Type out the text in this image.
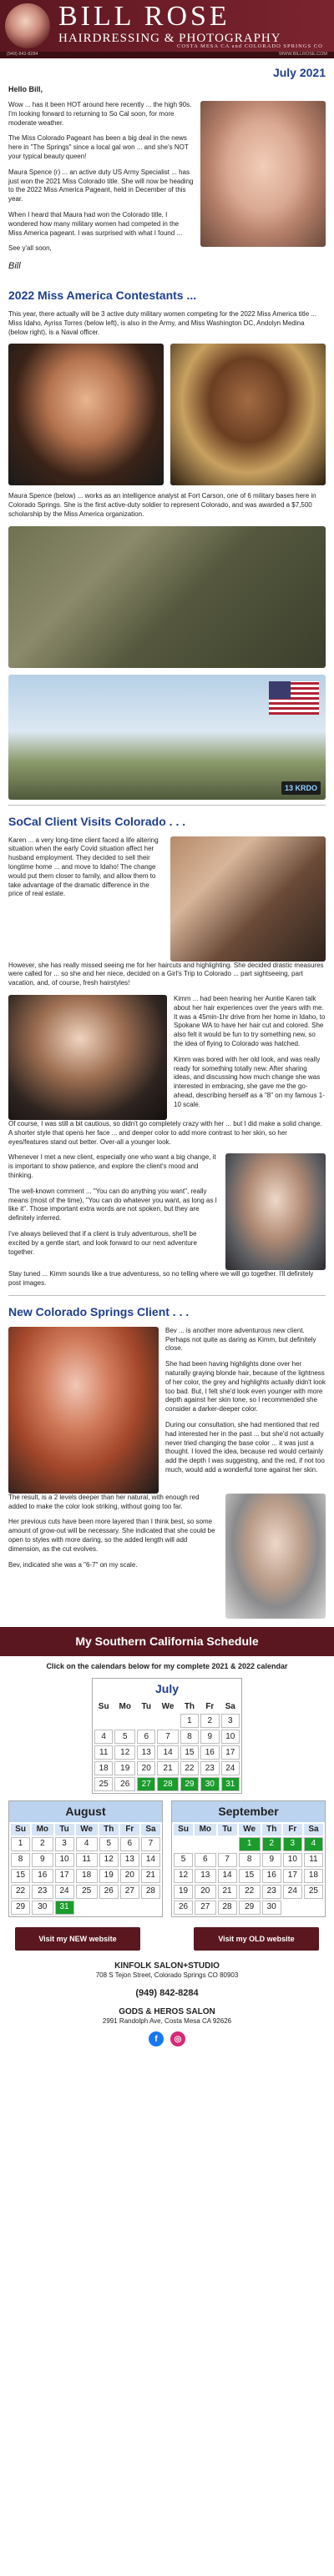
BILL ROSE
HAIRDRESSING & PHOTOGRAPHY
COSTA MESA CA and COLORADO SPRINGS CO
(949) 842-8284	WWW.BILLROSE.COM
July 2021
Hello Bill,

Wow ... has it been HOT around here recently ... the high 90s. I'm looking forward to returning to So Cal soon, for more moderate weather.

The Miss Colorado Pageant has been a big deal in the news here in "The Springs" since a local gal won ... and she's NOT your typical beauty queen!

Maura Spence (r) ... an active duty US Army Specialist ... has just won the 2021 Miss Colorado title. She will now be heading to the 2022 Miss America Pageant, held in December of this year.

When I heard that Maura had won the Colorado title, I wondered how many military women had competed in the Miss America pageant. I was surprised with what I found ...

See y'all soon,

Bill
2022 Miss America Contestants ...

This year, there actually will be 3 active duty military women competing for the 2022 Miss America title ... Miss Idaho, Ayriss Torres (below left), is also in the Army, and Miss Washington DC, Andolyn Medina (below right), is a Naval officer.

Maura Spence (below) ... works as an intelligence analyst at Fort Carson, one of 6 military bases here in Colorado Springs. She is the first active-duty soldier to represent Colorado, and was awarded a $7,500 scholarship by the Miss America organization.

13 KRDO
SoCal Client Visits Colorado . . .

Karen ... a very long-time client faced a life altering situation when the early Covid situation affect her husband employment. They decided to sell their longtime home ... and move to Idaho! The change would put them closer to family, and allow them to take advantage of the dramatic difference in the price of real estate.

However, she has really missed seeing me for her haircuts and highlighting. She decided drastic measures were called for ... so she and her niece, decided on a Girl's Trip to Colorado ... part sightseeing, part vacation, and, of course, fresh hairstyles!

Kimm ... had been hearing her Auntie Karen talk about her hair experiences over the years with me. It was a 45min-1hr drive from her home in Idaho, to Spokane WA to have her hair cut and colored. She also felt it would be fun to try something new, so the idea of flying to Colorado was hatched.

Kimm was bored with her old look, and was really ready for something totally new. After sharing ideas, and discussing how much change she was interested in embracing, she gave me the go-ahead, describing herself as a "8" on my famous 1-10 scale.

Of course, I was still a bit cautious, so didn't go completely crazy with her ... but I did make a solid change. A shorter style that opens her face ... and deeper color to add more contrast to her skin, so her eyes/features stand out better. Over-all a younger look.

Whenever I met a new client, especially one who want a big change, it is important to show patience, and explore the client's mood and thinking.

The well-known comment ... "You can do anything you want", really means (most of the time), "You can do whatever you want, as long as I like it". Those important extra words are not spoken, but they are definitely inferred.

I've always believed that if a client is truly adventurous, she'll be excited by a gentle start, and look forward to our next adventure together.

Stay tuned ... Kimm sounds like a true adventuress, so no telling where we will go together. I'll definitely post images.

New Colorado Springs Client . . .

Bev ... is another more adventurous new client. Perhaps not quite as daring as Kimm, but definitely close.

She had been having highlights done over her naturally graying blonde hair, because of the lightness of her color, the grey and highlights actually didn't look too bad. But, I felt she'd look even younger with more depth against her skin tone, so I recommended she consider a darker-deeper color.

During our consultation, she had mentioned that red had interested her in the past ... but she'd not actually never tried changing the base color ... it was just a thought. I loved the idea, because red would certainly add the depth I was suggesting, and the red, if not too much, would add a wonderful tone against her skin.

The result, is a 2 levels deeper than her natural, with enough red added to make the color look striking, without going too far.

Her previous cuts have been more layered than I think best, so some amount of grow-out will be necessary. She indicated that she could be open to styles with more daring, so the added length will add dimension, as the cut evolves.

Bev, indicated she was a "6-7" on my scale.

My Southern California Schedule
Click on the calendars below for my complete 2021 & 2022 calendar
July
Su	Mo	Tu	We	Th	Fr	Sa
				1	2	3
4	5	6	7	8	9	10
11	12	13	14	15	16	17
18	19	20	21	22	23	24
25	26	27	28	29	30	31
August
Su	Mo	Tu	We	Th	Fr	Sa
1	2	3	4	5	6	7
8	9	10	11	12	13	14
15	16	17	18	19	20	21
22	23	24	25	26	27	28
29	30	31				
September
Su	Mo	Tu	We	Th	Fr	Sa
			1	2	3	4
5	6	7	8	9	10	11
12	13	14	15	16	17	18
19	20	21	22	23	24	25
26	27	28	29	30		
Visit my NEW website	Visit my OLD website
KINFOLK SALON+STUDIO
708 S Tejon Street, Colorado Springs CO 80903
(949) 842-8284
GODS & HEROS SALON
2991 Randolph Ave, Costa Mesa CA 92626
f	◎
